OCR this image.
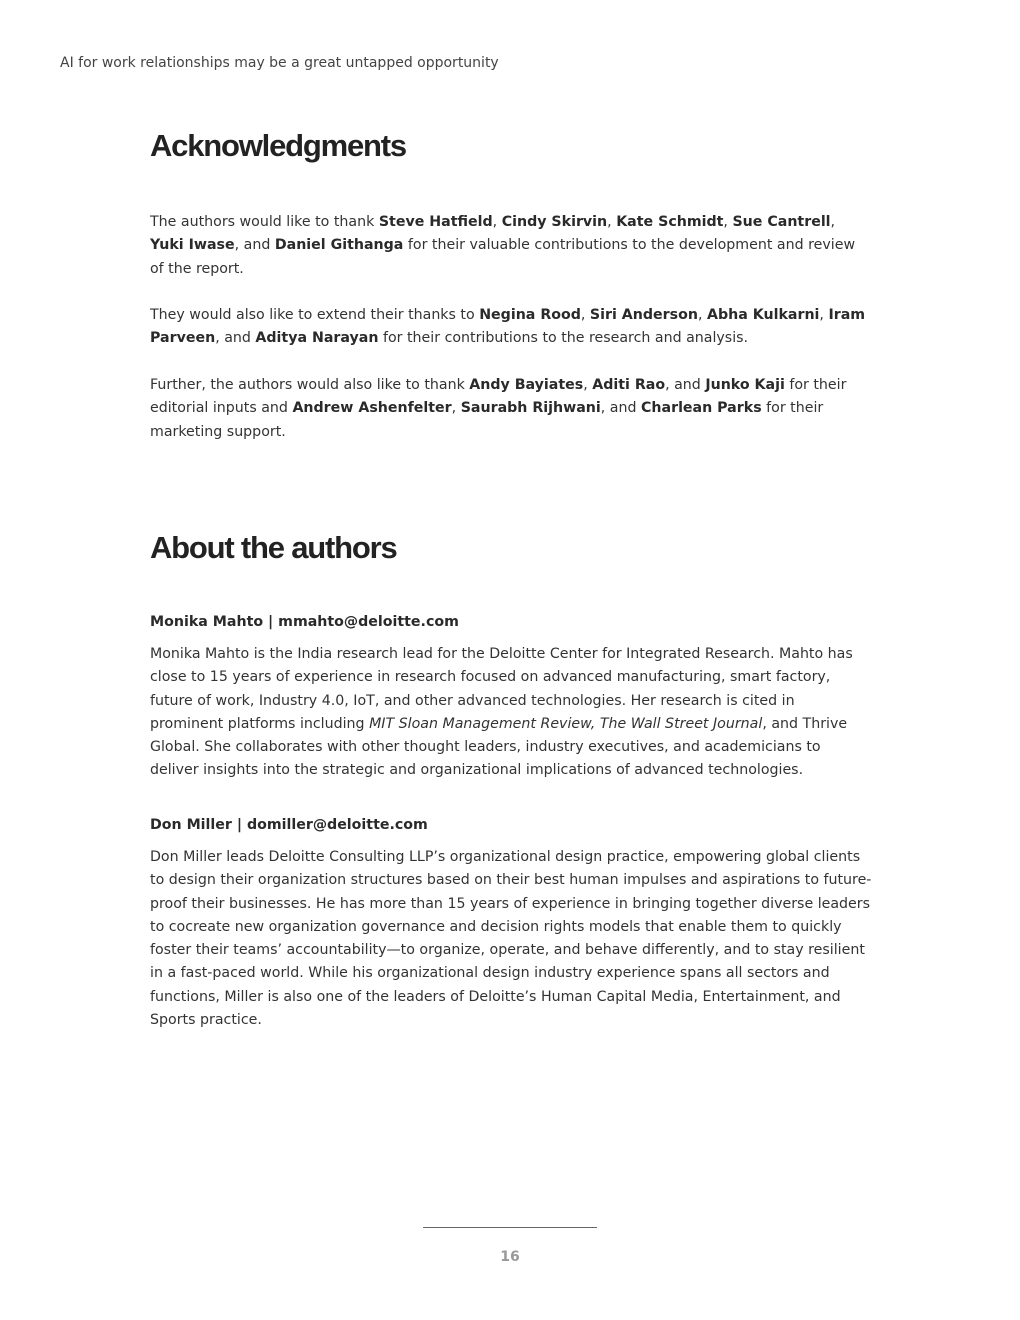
AI for work relationships may be a great untapped opportunity

Acknowledgments

The authors would like to thank Steve Hatfield, Cindy Skirvin, Kate Schmidt, Sue Cantrell, Yuki Iwase, and Daniel Githanga for their valuable contributions to the development and review of the report.

They would also like to extend their thanks to Negina Rood, Siri Anderson, Abha Kulkarni, Iram Parveen, and Aditya Narayan for their contributions to the research and analysis.

Further, the authors would also like to thank Andy Bayiates, Aditi Rao, and Junko Kaji for their editorial inputs and Andrew Ashenfelter, Saurabh Rijhwani, and Charlean Parks for their marketing support.

About the authors

Monika Mahto | mmahto@deloitte.com

Monika Mahto is the India research lead for the Deloitte Center for Integrated Research. Mahto has close to 15 years of experience in research focused on advanced manufacturing, smart factory, future of work, Industry 4.0, IoT, and other advanced technologies. Her research is cited in prominent platforms including MIT Sloan Management Review, The Wall Street Journal, and Thrive Global. She collaborates with other thought leaders, industry executives, and academicians to deliver insights into the strategic and organizational implications of advanced technologies.

Don Miller | domiller@deloitte.com

Don Miller leads Deloitte Consulting LLP’s organizational design practice, empowering global clients to design their organization structures based on their best human impulses and aspirations to future-proof their businesses. He has more than 15 years of experience in bringing together diverse leaders to cocreate new organization governance and decision rights models that enable them to quickly foster their teams’ accountability—to organize, operate, and behave differently, and to stay resilient in a fast-paced world. While his organizational design industry experience spans all sectors and functions, Miller is also one of the leaders of Deloitte’s Human Capital Media, Entertainment, and Sports practice.

16
